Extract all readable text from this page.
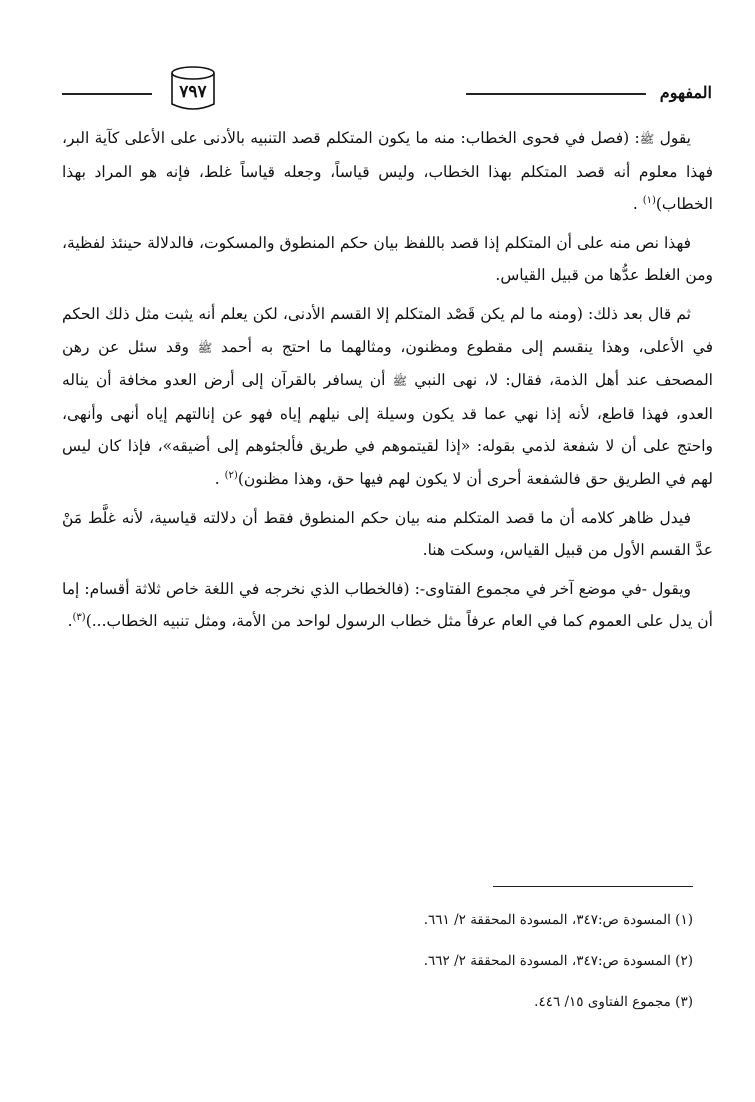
المفهوم
٧٩٧

يقول ﷺ: (فصل في فحوى الخطاب: منه ما يكون المتكلم قصد التنبيه بالأدنى على الأعلى كآية البر، فهذا معلوم أنه قصد المتكلم بهذا الخطاب، وليس قياساً، وجعله قياساً غلط، فإنه هو المراد بهذا الخطاب)$^{(١)}$ .

فهذا نص منه على أن المتكلم إذا قصد باللفظ بيان حكم المنطوق والمسكوت، فالدلالة حينئذ لفظية، ومن الغلط عدُّها من قبيل القياس.

ثم قال بعد ذلك: (ومنه ما لم يكن قَصْد المتكلم إلا القسم الأدنى، لكن يعلم أنه يثبت مثل ذلك الحكم في الأعلى، وهذا ينقسم إلى مقطوع ومظنون، ومثالهما ما احتج به أحمد ﷺ وقد سئل عن رهن المصحف عند أهل الذمة، فقال: لا، نهى النبي ﷺ أن يسافر بالقرآن إلى أرض العدو مخافة أن يناله العدو، فهذا قاطع، لأنه إذا نهي عما قد يكون وسيلة إلى نيلهم إياه فهو عن إنالتهم إياه أنهى وأنهى، واحتج على أن لا شفعة لذمي بقوله: «إذا لقيتموهم في طريق فألجئوهم إلى أضيقه»، فإذا كان ليس لهم في الطريق حق فالشفعة أحرى أن لا يكون لهم فيها حق، وهذا مظنون)$^{(٢)}$ .

فيدل ظاهر كلامه أن ما قصد المتكلم منه بيان حكم المنطوق فقط أن دلالته قياسية، لأنه غلَّط مَنْ عدَّ القسم الأول من قبيل القياس، وسكت هنا.

ويقول -في موضع آخر في مجموع الفتاوى-: (فالخطاب الذي نخرجه في اللغة خاص ثلاثة أقسام: إما أن يدل على العموم كما في العام عرفاً مثل خطاب الرسول لواحد من الأمة، ومثل تنبيه الخطاب...)$^{(٣)}$.

(١) المسودة ص:٣٤٧، المسودة المحققة ٢/ ٦٦١.

(٢) المسودة ص:٣٤٧، المسودة المحققة ٢/ ٦٦٢.

(٣) مجموع الفتاوى ١٥/ ٤٤٦.
